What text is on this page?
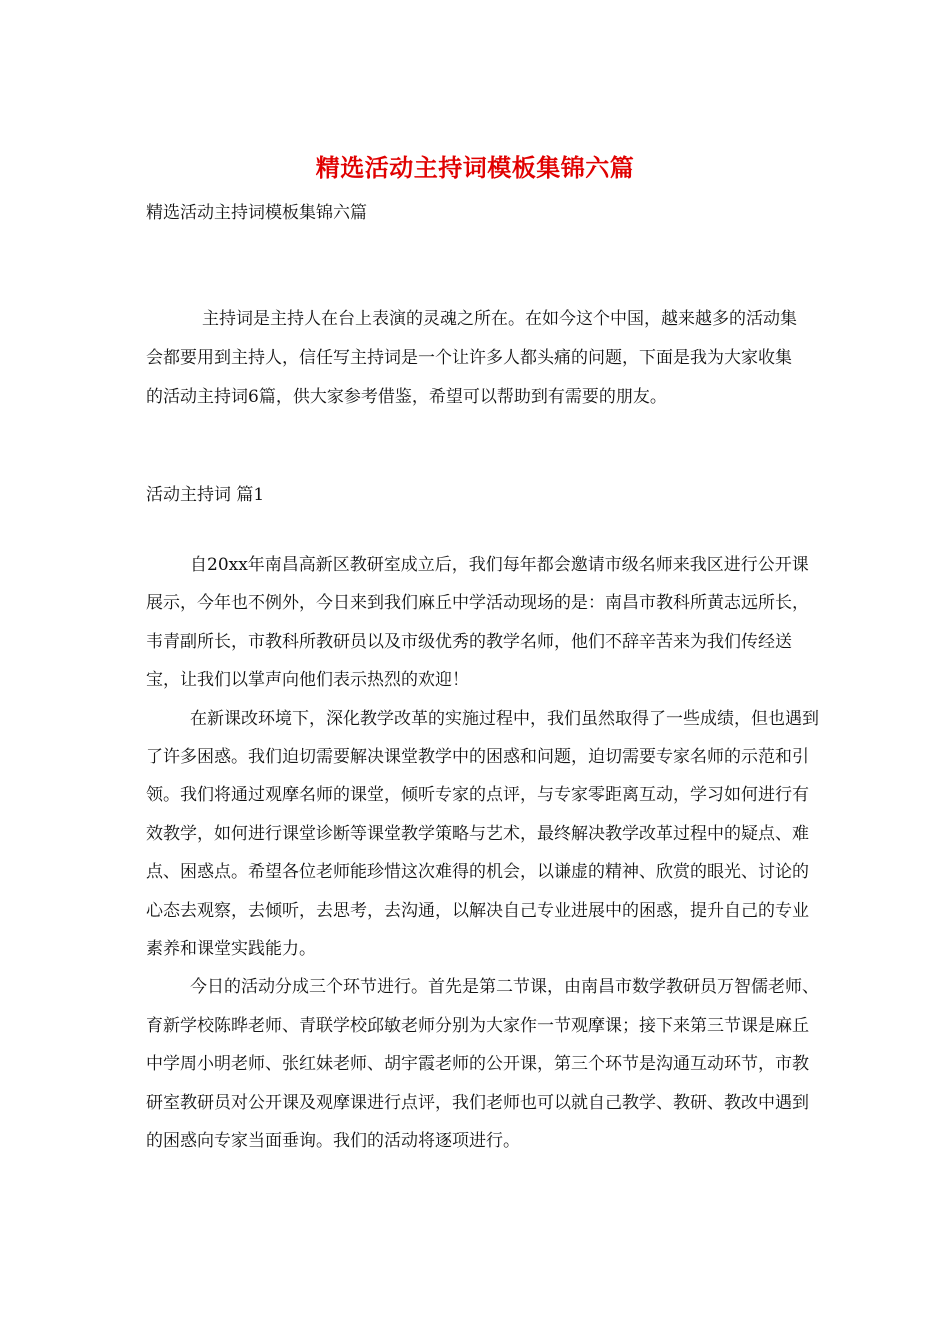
精选活动主持词模板集锦六篇
精选活动主持词模板集锦六篇

主持词是主持人在台上表演的灵魂之所在。在如今这个中国，越来越多的活动集会都要用到主持人，信任写主持词是一个让许多人都头痛的问题，下面是我为大家收集的活动主持词6篇，供大家参考借鉴，希望可以帮助到有需要的朋友。

活动主持词 篇1

自20xx年南昌高新区教研室成立后，我们每年都会邀请市级名师来我区进行公开课展示，今年也不例外，今日来到我们麻丘中学活动现场的是：南昌市教科所黄志远所长，韦青副所长，市教科所教研员以及市级优秀的教学名师，他们不辞辛苦来为我们传经送宝，让我们以掌声向他们表示热烈的欢迎！

在新课改环境下，深化教学改革的实施过程中，我们虽然取得了一些成绩，但也遇到了许多困惑。我们迫切需要解决课堂教学中的困惑和问题，迫切需要专家名师的示范和引领。我们将通过观摩名师的课堂，倾听专家的点评，与专家零距离互动，学习如何进行有效教学，如何进行课堂诊断等课堂教学策略与艺术，最终解决教学改革过程中的疑点、难点、困惑点。希望各位老师能珍惜这次难得的机会，以谦虚的精神、欣赏的眼光、讨论的心态去观察，去倾听，去思考，去沟通，以解决自己专业进展中的困惑，提升自己的专业素养和课堂实践能力。

今日的活动分成三个环节进行。首先是第二节课，由南昌市数学教研员万智儒老师、育新学校陈晔老师、青联学校邱敏老师分别为大家作一节观摩课；接下来第三节课是麻丘中学周小明老师、张红妹老师、胡宇霞老师的公开课，第三个环节是沟通互动环节，市教研室教研员对公开课及观摩课进行点评，我们老师也可以就自己教学、教研、教改中遇到的困惑向专家当面垂询。我们的活动将逐项进行。
